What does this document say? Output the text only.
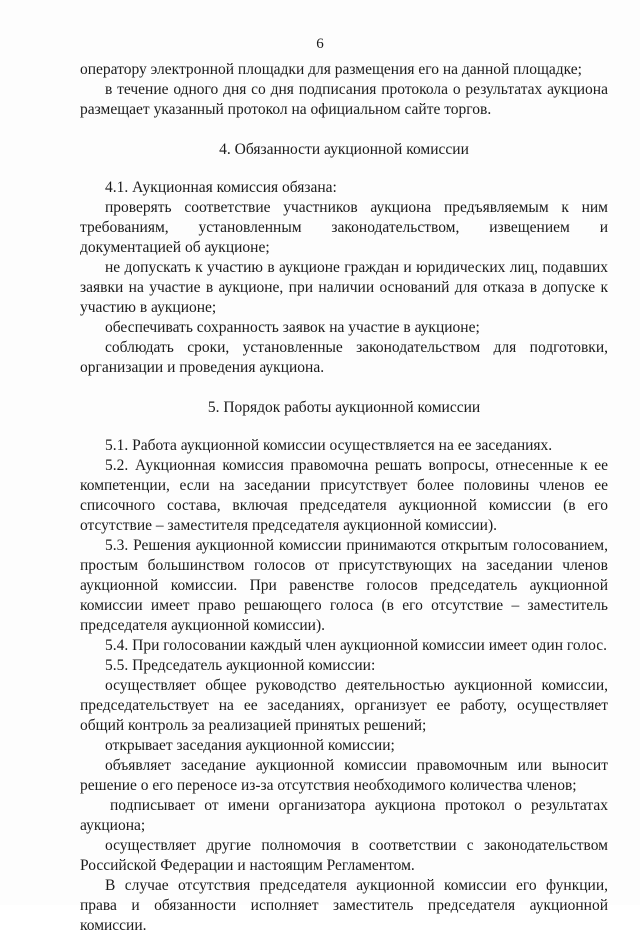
6

оператору электронной площадки для размещения его на данной площадке;

в течение одного дня со дня подписания протокола о результатах аукциона размещает указанный протокол на официальном сайте торгов.

4. Обязанности аукционной комиссии

4.1. Аукционная комиссия обязана:

проверять соответствие участников аукциона предъявляемым к ним требованиям, установленным законодательством, извещением и документацией об аукционе;

не допускать к участию в аукционе граждан и юридических лиц, подавших заявки на участие в аукционе, при наличии оснований для отказа в допуске к участию в аукционе;

обеспечивать сохранность заявок на участие в аукционе;

соблюдать сроки, установленные законодательством для подготовки, организации и проведения аукциона.

5. Порядок работы аукционной комиссии

5.1. Работа аукционной комиссии осуществляется на ее заседаниях.

5.2. Аукционная комиссия правомочна решать вопросы, отнесенные к ее компетенции, если на заседании присутствует более половины членов ее списочного состава, включая председателя аукционной комиссии (в его отсутствие – заместителя председателя аукционной комиссии).

5.3. Решения аукционной комиссии принимаются открытым голосованием, простым большинством голосов от присутствующих на заседании членов аукционной комиссии. При равенстве голосов председатель аукционной комиссии имеет право решающего голоса (в его отсутствие – заместитель председателя аукционной комиссии).

5.4. При голосовании каждый член аукционной комиссии имеет один голос.

5.5. Председатель аукционной комиссии:

осуществляет общее руководство деятельностью аукционной комиссии, председательствует на ее заседаниях, организует ее работу, осуществляет общий контроль за реализацией принятых решений;

открывает заседания аукционной комиссии;

объявляет заседание аукционной комиссии правомочным или выносит решение о его переносе из-за отсутствия необходимого количества членов;

подписывает от имени организатора аукциона протокол о результатах аукциона;

осуществляет другие полномочия в соответствии с законодательством Российской Федерации и настоящим Регламентом.

В случае отсутствия председателя аукционной комиссии его функции, права и обязанности исполняет заместитель председателя аукционной комиссии.
